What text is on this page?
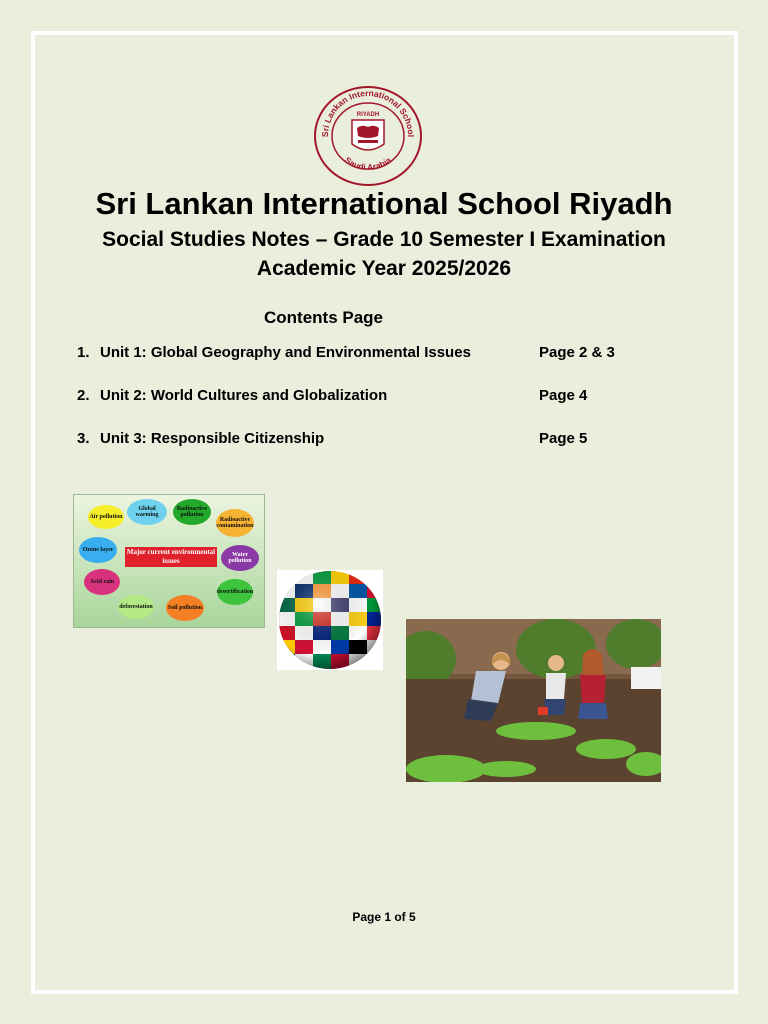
Sri Lankan International School
Saudi Arabia
RIYADH
Sri Lankan International School Riyadh
Social Studies Notes – Grade 10 Semester I Examination
Academic Year 2025/2026
Contents Page
1. Unit 1: Global Geography and Environmental Issues	Page 2 & 3
2. Unit 2: World Cultures and Globalization	Page 4
3. Unit 3: Responsible Citizenship	Page 5
Air pollution
Global warming
Radioactive pollution
Radioactive contamination
Ozone layer	Major current environmental issues
Water pollution
Acid rain
desertification
deforestation	Soil pollution
Page 1 of 5
